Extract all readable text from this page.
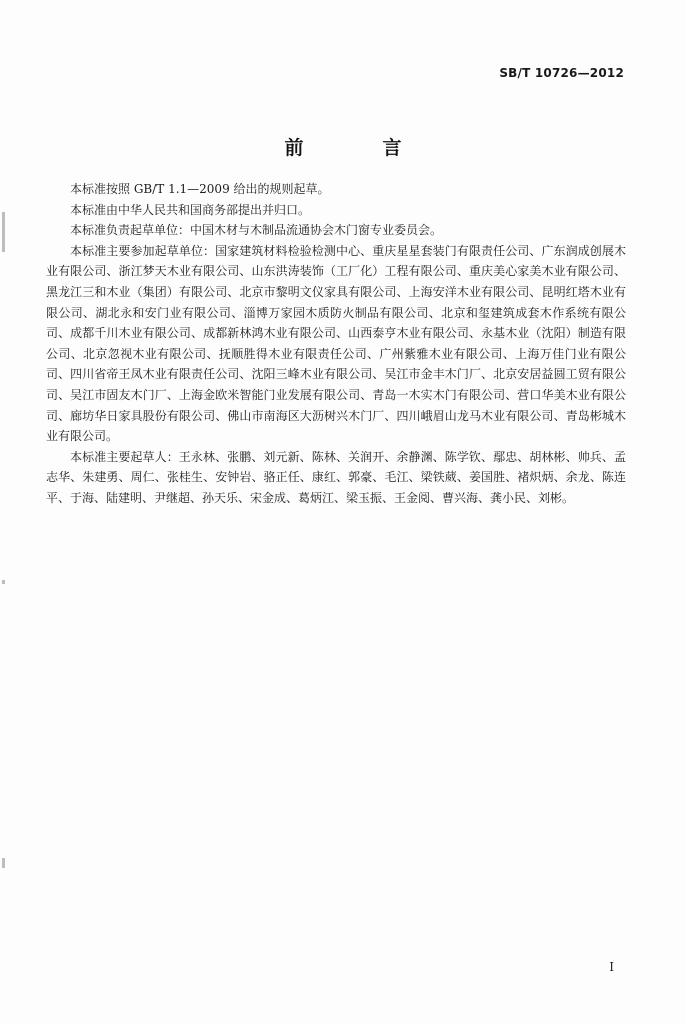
SB/T 10726—2012
前　言

本标准按照 GB/T 1.1—2009 给出的规则起草。

本标准由中华人民共和国商务部提出并归口。

本标准负责起草单位：中国木材与木制品流通协会木门窗专业委员会。

本标准主要参加起草单位：国家建筑材料检验检测中心、重庆星星套装门有限责任公司、广东润成创展木业有限公司、浙江梦天木业有限公司、山东洪涛装饰（工厂化）工程有限公司、重庆美心家美木业有限公司、黑龙江三和木业（集团）有限公司、北京市黎明文仪家具有限公司、上海安洋木业有限公司、昆明红塔木业有限公司、湖北永和安门业有限公司、淄博万家园木质防火制品有限公司、北京和玺建筑成套木作系统有限公司、成都千川木业有限公司、成都新林鸿木业有限公司、山西泰亨木业有限公司、永基木业（沈阳）制造有限公司、北京忽视木业有限公司、抚顺胜得木业有限责任公司、广州紫雅木业有限公司、上海万佳门业有限公司、四川省帝王凤木业有限责任公司、沈阳三峰木业有限公司、吴江市金丰木门厂、北京安居益圆工贸有限公司、吴江市固友木门厂、上海金欧米智能门业发展有限公司、青岛一木实木门有限公司、营口华美木业有限公司、廊坊华日家具股份有限公司、佛山市南海区大沥树兴木门厂、四川峨眉山龙马木业有限公司、青岛彬城木业有限公司。

本标准主要起草人：王永林、张鹏、刘元新、陈林、关润开、余静渊、陈学钦、鄢忠、胡林彬、帅兵、孟志华、朱建勇、周仁、张桂生、安钟岩、骆正任、康红、郭豪、毛江、梁铁葳、姜国胜、褚炽炳、余龙、陈连平、于海、陆建明、尹继超、孙天乐、宋金成、葛炳江、梁玉振、王金阅、曹兴海、龚小民、刘彬。

I
